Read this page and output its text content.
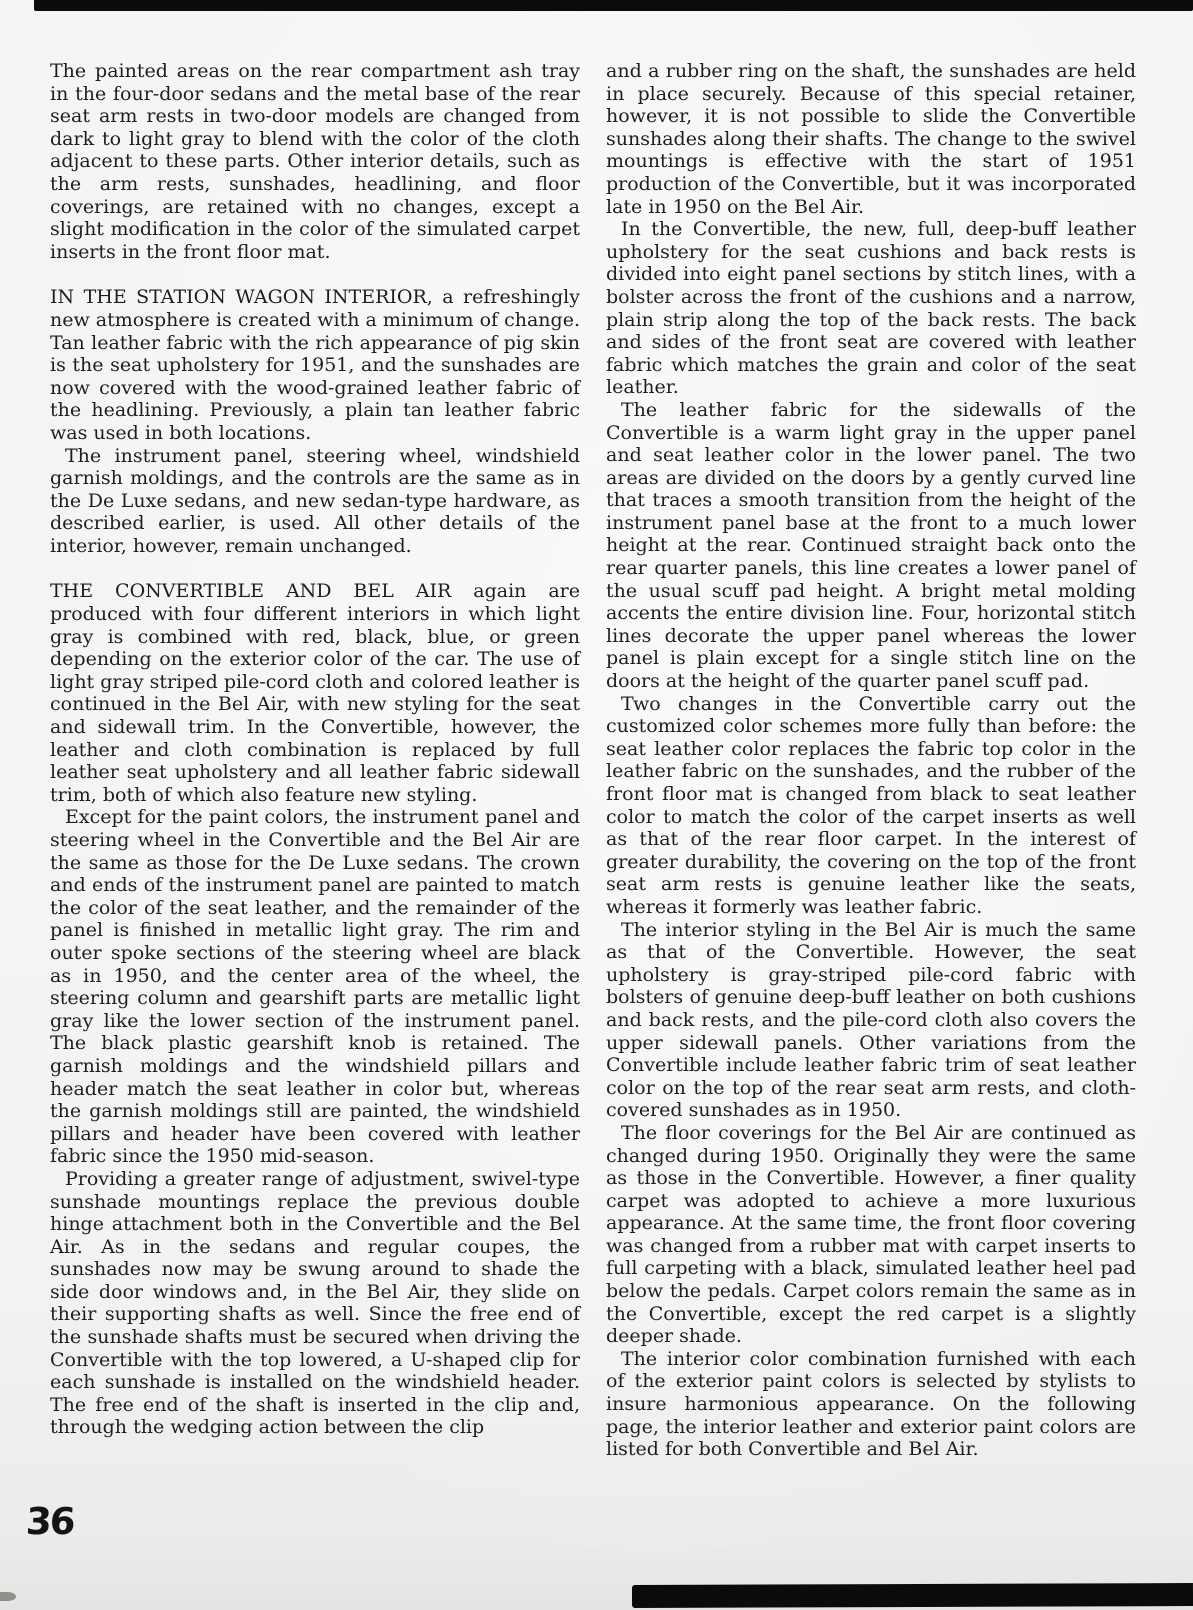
The painted areas on the rear compartment ash tray in the four-door sedans and the metal base of the rear seat arm rests in two-door models are changed from dark to light gray to blend with the color of the cloth adjacent to these parts. Other interior details, such as the arm rests, sunshades, headlining, and floor coverings, are retained with no changes, except a slight modification in the color of the simulated carpet inserts in the front floor mat.

IN THE STATION WAGON INTERIOR, a refreshingly new atmosphere is created with a minimum of change. Tan leather fabric with the rich appearance of pig skin is the seat upholstery for 1951, and the sunshades are now covered with the wood-grained leather fabric of the headlining. Previously, a plain tan leather fabric was used in both locations.

The instrument panel, steering wheel, windshield garnish moldings, and the controls are the same as in the De Luxe sedans, and new sedan-type hardware, as described earlier, is used. All other details of the interior, however, remain unchanged.

THE CONVERTIBLE AND BEL AIR again are produced with four different interiors in which light gray is combined with red, black, blue, or green depending on the exterior color of the car. The use of light gray striped pile-cord cloth and colored leather is continued in the Bel Air, with new styling for the seat and sidewall trim. In the Convertible, however, the leather and cloth combination is replaced by full leather seat upholstery and all leather fabric sidewall trim, both of which also feature new styling.

Except for the paint colors, the instrument panel and steering wheel in the Convertible and the Bel Air are the same as those for the De Luxe sedans. The crown and ends of the instrument panel are painted to match the color of the seat leather, and the remainder of the panel is finished in metallic light gray. The rim and outer spoke sections of the steering wheel are black as in 1950, and the center area of the wheel, the steering column and gearshift parts are metallic light gray like the lower section of the instrument panel. The black plastic gearshift knob is retained. The garnish moldings and the windshield pillars and header match the seat leather in color but, whereas the garnish moldings still are painted, the windshield pillars and header have been covered with leather fabric since the 1950 mid-season.

Providing a greater range of adjustment, swivel-type sunshade mountings replace the previous double hinge attachment both in the Convertible and the Bel Air. As in the sedans and regular coupes, the sunshades now may be swung around to shade the side door windows and, in the Bel Air, they slide on their supporting shafts as well. Since the free end of the sunshade shafts must be secured when driving the Convertible with the top lowered, a U-shaped clip for each sunshade is installed on the windshield header. The free end of the shaft is inserted in the clip and, through the wedging action between the clip

and a rubber ring on the shaft, the sunshades are held in place securely. Because of this special retainer, however, it is not possible to slide the Convertible sunshades along their shafts. The change to the swivel mountings is effective with the start of 1951 production of the Convertible, but it was incorporated late in 1950 on the Bel Air.

In the Convertible, the new, full, deep-buff leather upholstery for the seat cushions and back rests is divided into eight panel sections by stitch lines, with a bolster across the front of the cushions and a narrow, plain strip along the top of the back rests. The back and sides of the front seat are covered with leather fabric which matches the grain and color of the seat leather.

The leather fabric for the sidewalls of the Convertible is a warm light gray in the upper panel and seat leather color in the lower panel. The two areas are divided on the doors by a gently curved line that traces a smooth transition from the height of the instrument panel base at the front to a much lower height at the rear. Continued straight back onto the rear quarter panels, this line creates a lower panel of the usual scuff pad height. A bright metal molding accents the entire division line. Four, horizontal stitch lines decorate the upper panel whereas the lower panel is plain except for a single stitch line on the doors at the height of the quarter panel scuff pad.

Two changes in the Convertible carry out the customized color schemes more fully than before: the seat leather color replaces the fabric top color in the leather fabric on the sunshades, and the rubber of the front floor mat is changed from black to seat leather color to match the color of the carpet inserts as well as that of the rear floor carpet. In the interest of greater durability, the covering on the top of the front seat arm rests is genuine leather like the seats, whereas it formerly was leather fabric.

The interior styling in the Bel Air is much the same as that of the Convertible. However, the seat upholstery is gray-striped pile-cord fabric with bolsters of genuine deep-buff leather on both cushions and back rests, and the pile-cord cloth also covers the upper sidewall panels. Other variations from the Convertible include leather fabric trim of seat leather color on the top of the rear seat arm rests, and cloth-covered sunshades as in 1950.

The floor coverings for the Bel Air are continued as changed during 1950. Originally they were the same as those in the Convertible. However, a finer quality carpet was adopted to achieve a more luxurious appearance. At the same time, the front floor covering was changed from a rubber mat with carpet inserts to full carpeting with a black, simulated leather heel pad below the pedals. Carpet colors remain the same as in the Convertible, except the red carpet is a slightly deeper shade.

The interior color combination furnished with each of the exterior paint colors is selected by stylists to insure harmonious appearance. On the following page, the interior leather and exterior paint colors are listed for both Convertible and Bel Air.

36
